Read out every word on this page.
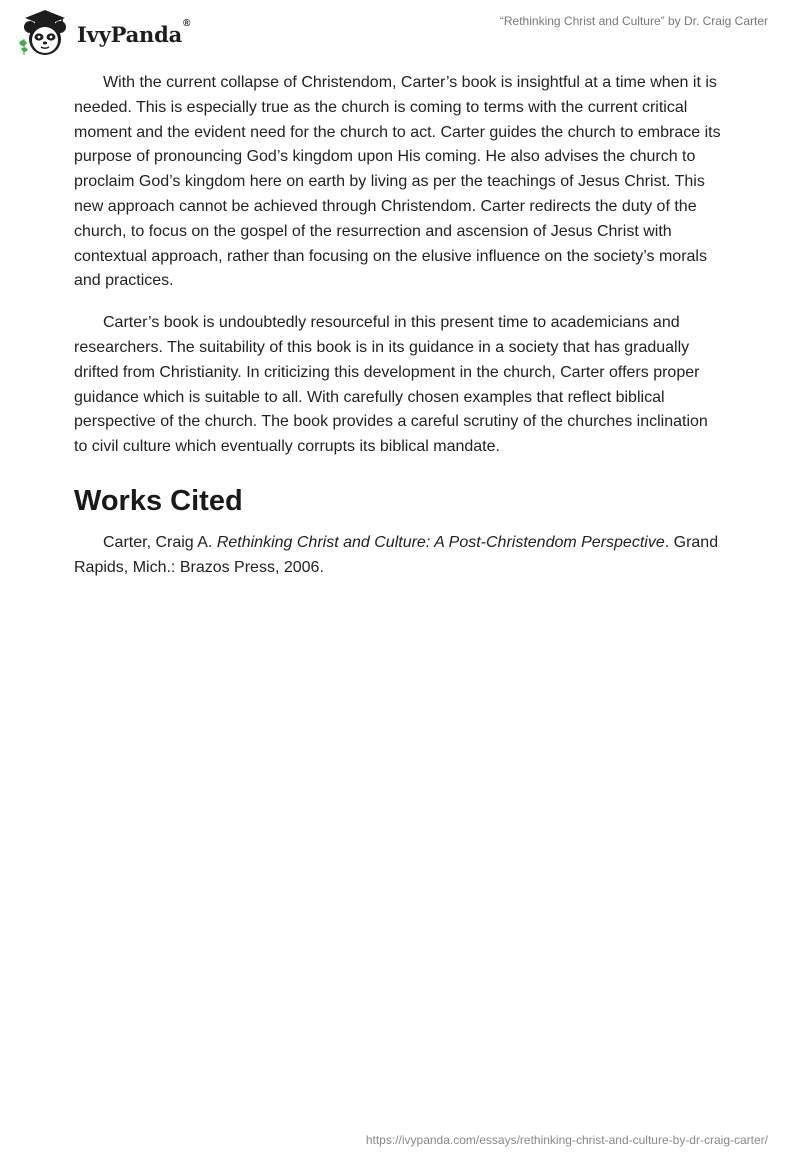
IvyPanda®	“Rethinking Christ and Culture” by Dr. Craig Carter

With the current collapse of Christendom, Carter’s book is insightful at a time when it is needed. This is especially true as the church is coming to terms with the current critical moment and the evident need for the church to act. Carter guides the church to embrace its purpose of pronouncing God’s kingdom upon His coming. He also advises the church to proclaim God’s kingdom here on earth by living as per the teachings of Jesus Christ. This new approach cannot be achieved through Christendom. Carter redirects the duty of the church, to focus on the gospel of the resurrection and ascension of Jesus Christ with contextual approach, rather than focusing on the elusive influence on the society’s morals and practices.

Carter’s book is undoubtedly resourceful in this present time to academicians and researchers. The suitability of this book is in its guidance in a society that has gradually drifted from Christianity. In criticizing this development in the church, Carter offers proper guidance which is suitable to all. With carefully chosen examples that reflect biblical perspective of the church. The book provides a careful scrutiny of the churches inclination to civil culture which eventually corrupts its biblical mandate.

Works Cited

Carter, Craig A. Rethinking Christ and Culture: A Post-Christendom Perspective. Grand Rapids, Mich.: Brazos Press, 2006.

https://ivypanda.com/essays/rethinking-christ-and-culture-by-dr-craig-carter/
